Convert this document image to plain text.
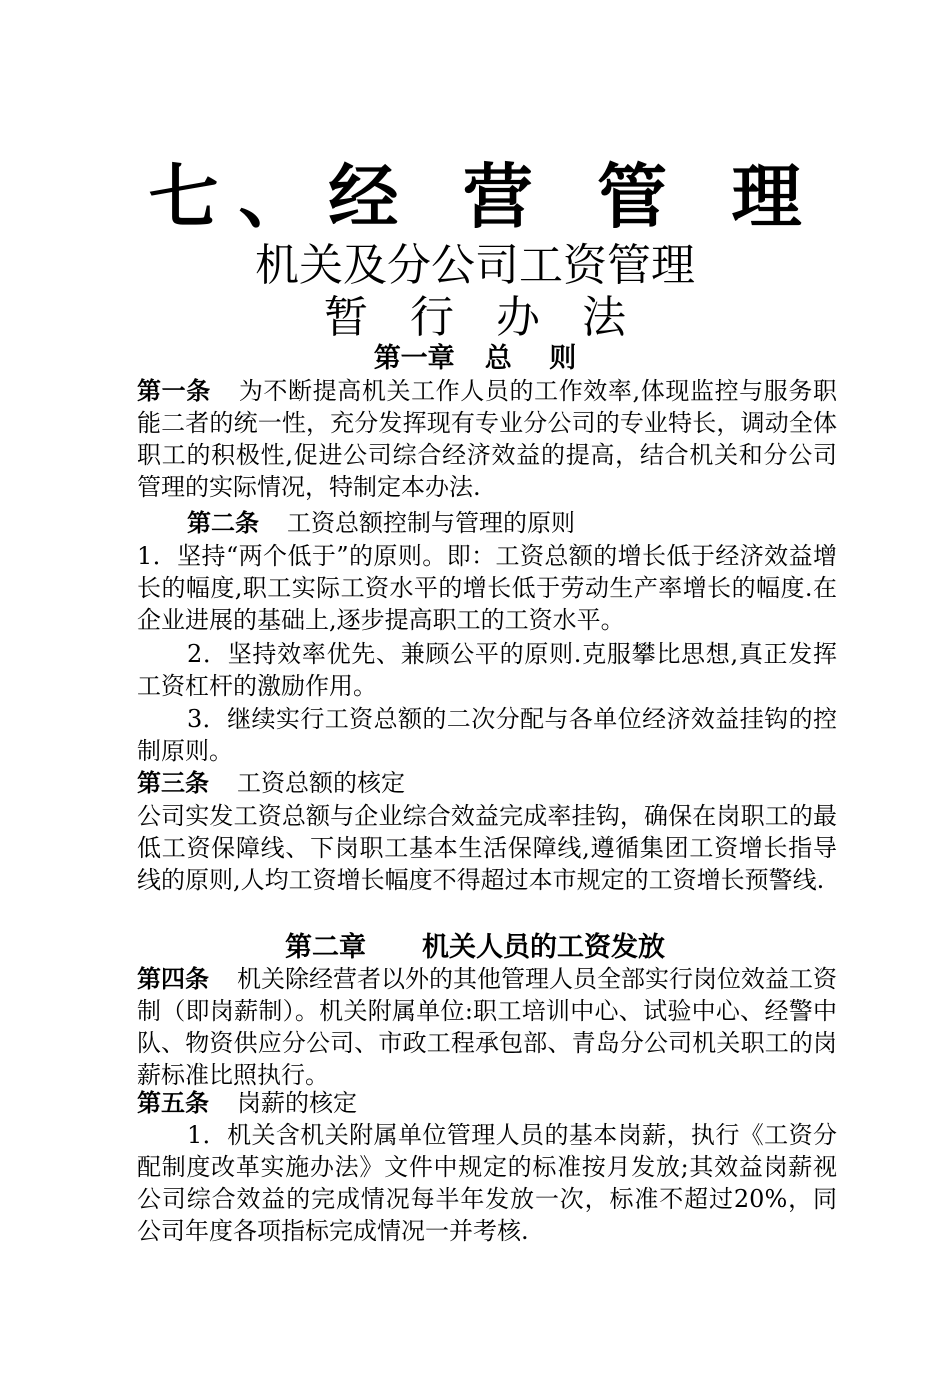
七、经 营 管 理
机关及分公司工资管理
暂 行 办 法
第一章 总    则
第一条 为不断提高机关工作人员的工作效率,体现监控与服务职能二者的统一性，充分发挥现有专业分公司的专业特长，调动全体职工的积极性,促进公司综合经济效益的提高，结合机关和分公司管理的实际情况，特制定本办法.
第二条 工资总额控制与管理的原则
1．坚持“两个低于”的原则。即：工资总额的增长低于经济效益增长的幅度,职工实际工资水平的增长低于劳动生产率增长的幅度.在企业进展的基础上,逐步提高职工的工资水平。
2．坚持效率优先、兼顾公平的原则.克服攀比思想,真正发挥工资杠杆的激励作用。
3．继续实行工资总额的二次分配与各单位经济效益挂钩的控制原则。
第三条 工资总额的核定
公司实发工资总额与企业综合效益完成率挂钩，确保在岗职工的最低工资保障线、下岗职工基本生活保障线,遵循集团工资增长指导线的原则,人均工资增长幅度不得超过本市规定的工资增长预警线.
第二章 机关人员的工资发放
第四条 机关除经营者以外的其他管理人员全部实行岗位效益工资制（即岗薪制）。机关附属单位:职工培训中心、试验中心、经警中队、物资供应分公司、市政工程承包部、青岛分公司机关职工的岗薪标准比照执行。
第五条 岗薪的核定
1．机关含机关附属单位管理人员的基本岗薪，执行《工资分配制度改革实施办法》文件中规定的标准按月发放;其效益岗薪视公司综合效益的完成情况每半年发放一次，标准不超过20%，同公司年度各项指标完成情况一并考核.
